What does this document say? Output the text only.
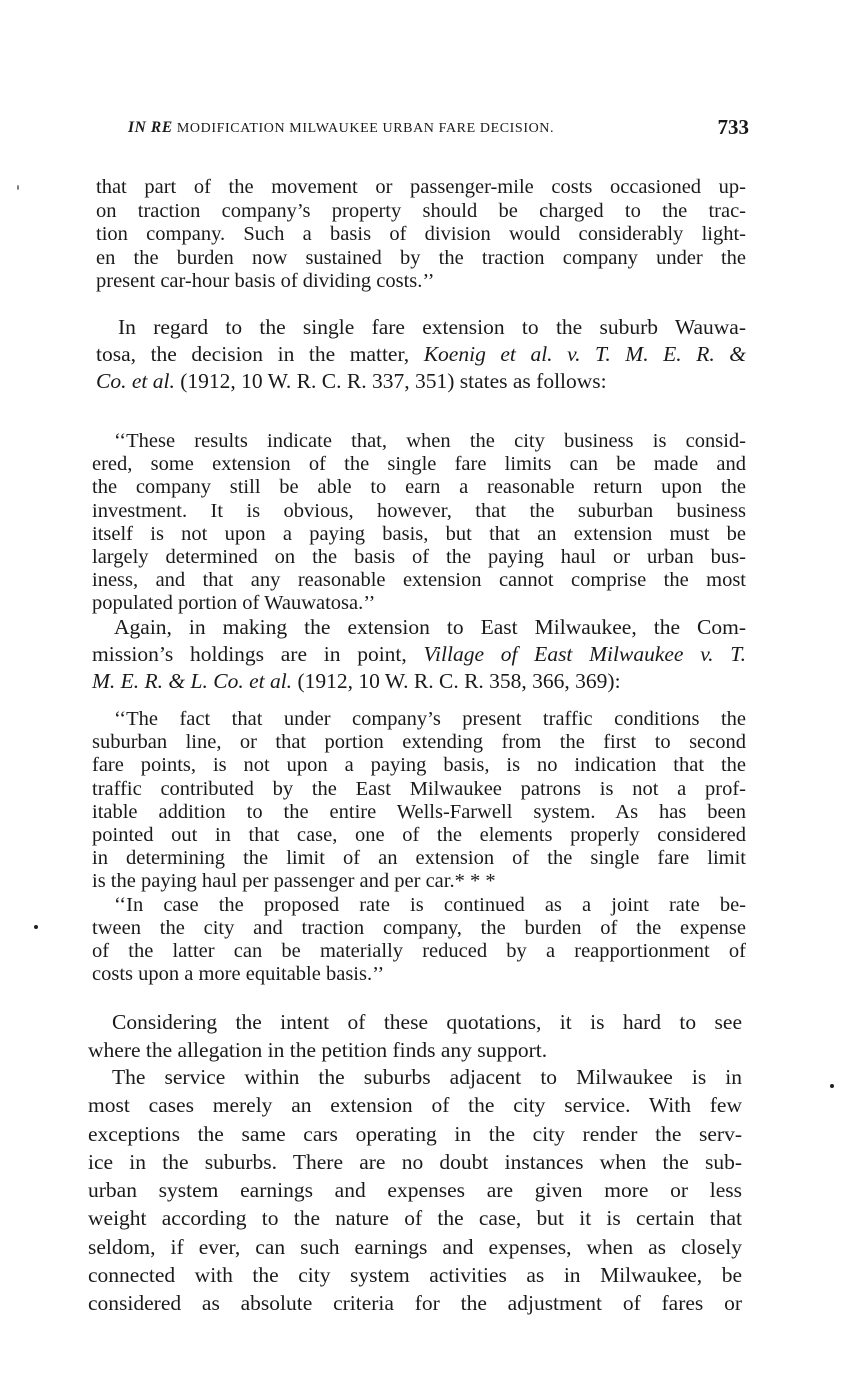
IN RE MODIFICATION MILWAUKEE URBAN FARE DECISION.	733
that part of the movement or passenger-mile costs occasioned up-
on traction company’s property should be charged to the trac-
tion company. Such a basis of division would considerably light-
en the burden now sustained by the traction company under the
present car-hour basis of dividing costs.’’
In regard to the single fare extension to the suburb Wauwa-
tosa, the decision in the matter, Koenig et al. v. T. M. E. R. &
Co. et al. (1912, 10 W. R. C. R. 337, 351) states as follows:
‘‘These results indicate that, when the city business is consid-
ered, some extension of the single fare limits can be made and
the company still be able to earn a reasonable return upon the
investment. It is obvious, however, that the suburban business
itself is not upon a paying basis, but that an extension must be
largely determined on the basis of the paying haul or urban bus-
iness, and that any reasonable extension cannot comprise the most
populated portion of Wauwatosa.’’
Again, in making the extension to East Milwaukee, the Com-
mission’s holdings are in point, Village of East Milwaukee v. T.
M. E. R. & L. Co. et al. (1912, 10 W. R. C. R. 358, 366, 369):
‘‘The fact that under company’s present traffic conditions the
suburban line, or that portion extending from the first to second
fare points, is not upon a paying basis, is no indication that the
traffic contributed by the East Milwaukee patrons is not a prof-
itable addition to the entire Wells-Farwell system. As has been
pointed out in that case, one of the elements properly considered
in determining the limit of an extension of the single fare limit
is the paying haul per passenger and per car.* * *
‘‘In case the proposed rate is continued as a joint rate be-
tween the city and traction company, the burden of the expense
of the latter can be materially reduced by a reapportionment of
costs upon a more equitable basis.’’
Considering the intent of these quotations, it is hard to see
where the allegation in the petition finds any support.
The service within the suburbs adjacent to Milwaukee is in
most cases merely an extension of the city service. With few
exceptions the same cars operating in the city render the serv-
ice in the suburbs. There are no doubt instances when the sub-
urban system earnings and expenses are given more or less
weight according to the nature of the case, but it is certain that
seldom, if ever, can such earnings and expenses, when as closely
connected with the city system activities as in Milwaukee, be
considered as absolute criteria for the adjustment of fares or
